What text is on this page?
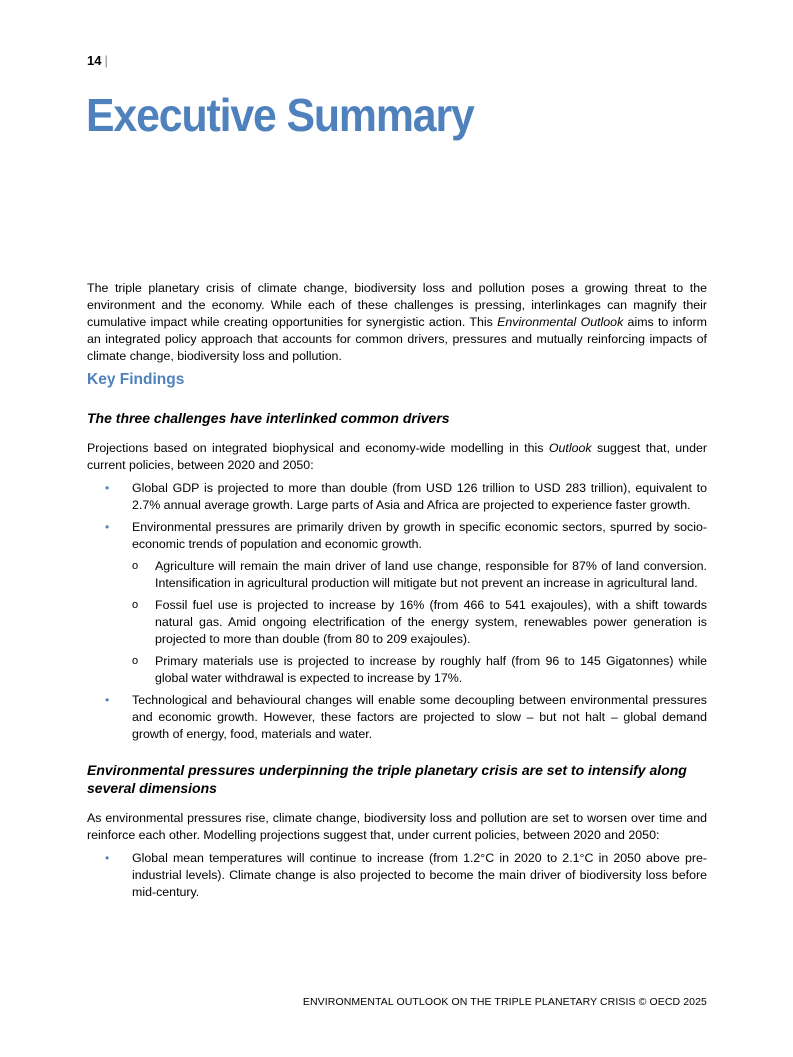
14 |
Executive Summary

The triple planetary crisis of climate change, biodiversity loss and pollution poses a growing threat to the environment and the economy. While each of these challenges is pressing, interlinkages can magnify their cumulative impact while creating opportunities for synergistic action. This Environmental Outlook aims to inform an integrated policy approach that accounts for common drivers, pressures and mutually reinforcing impacts of climate change, biodiversity loss and pollution.

Key Findings
The three challenges have interlinked common drivers

Projections based on integrated biophysical and economy-wide modelling in this Outlook suggest that, under current policies, between 2020 and 2050:

• Global GDP is projected to more than double (from USD 126 trillion to USD 283 trillion), equivalent to 2.7% annual average growth. Large parts of Asia and Africa are projected to experience faster growth.
• Environmental pressures are primarily driven by growth in specific economic sectors, spurred by socio-economic trends of population and economic growth.
o Agriculture will remain the main driver of land use change, responsible for 87% of land conversion. Intensification in agricultural production will mitigate but not prevent an increase in agricultural land.
o Fossil fuel use is projected to increase by 16% (from 466 to 541 exajoules), with a shift towards natural gas. Amid ongoing electrification of the energy system, renewables power generation is projected to more than double (from 80 to 209 exajoules).
o Primary materials use is projected to increase by roughly half (from 96 to 145 Gigatonnes) while global water withdrawal is expected to increase by 17%.
• Technological and behavioural changes will enable some decoupling between environmental pressures and economic growth. However, these factors are projected to slow – but not halt – global demand growth of energy, food, materials and water.
Environmental pressures underpinning the triple planetary crisis are set to intensify along several dimensions

As environmental pressures rise, climate change, biodiversity loss and pollution are set to worsen over time and reinforce each other. Modelling projections suggest that, under current policies, between 2020 and 2050:

• Global mean temperatures will continue to increase (from 1.2°C in 2020 to 2.1°C in 2050 above pre-industrial levels). Climate change is also projected to become the main driver of biodiversity loss before mid-century.
ENVIRONMENTAL OUTLOOK ON THE TRIPLE PLANETARY CRISIS © OECD 2025
